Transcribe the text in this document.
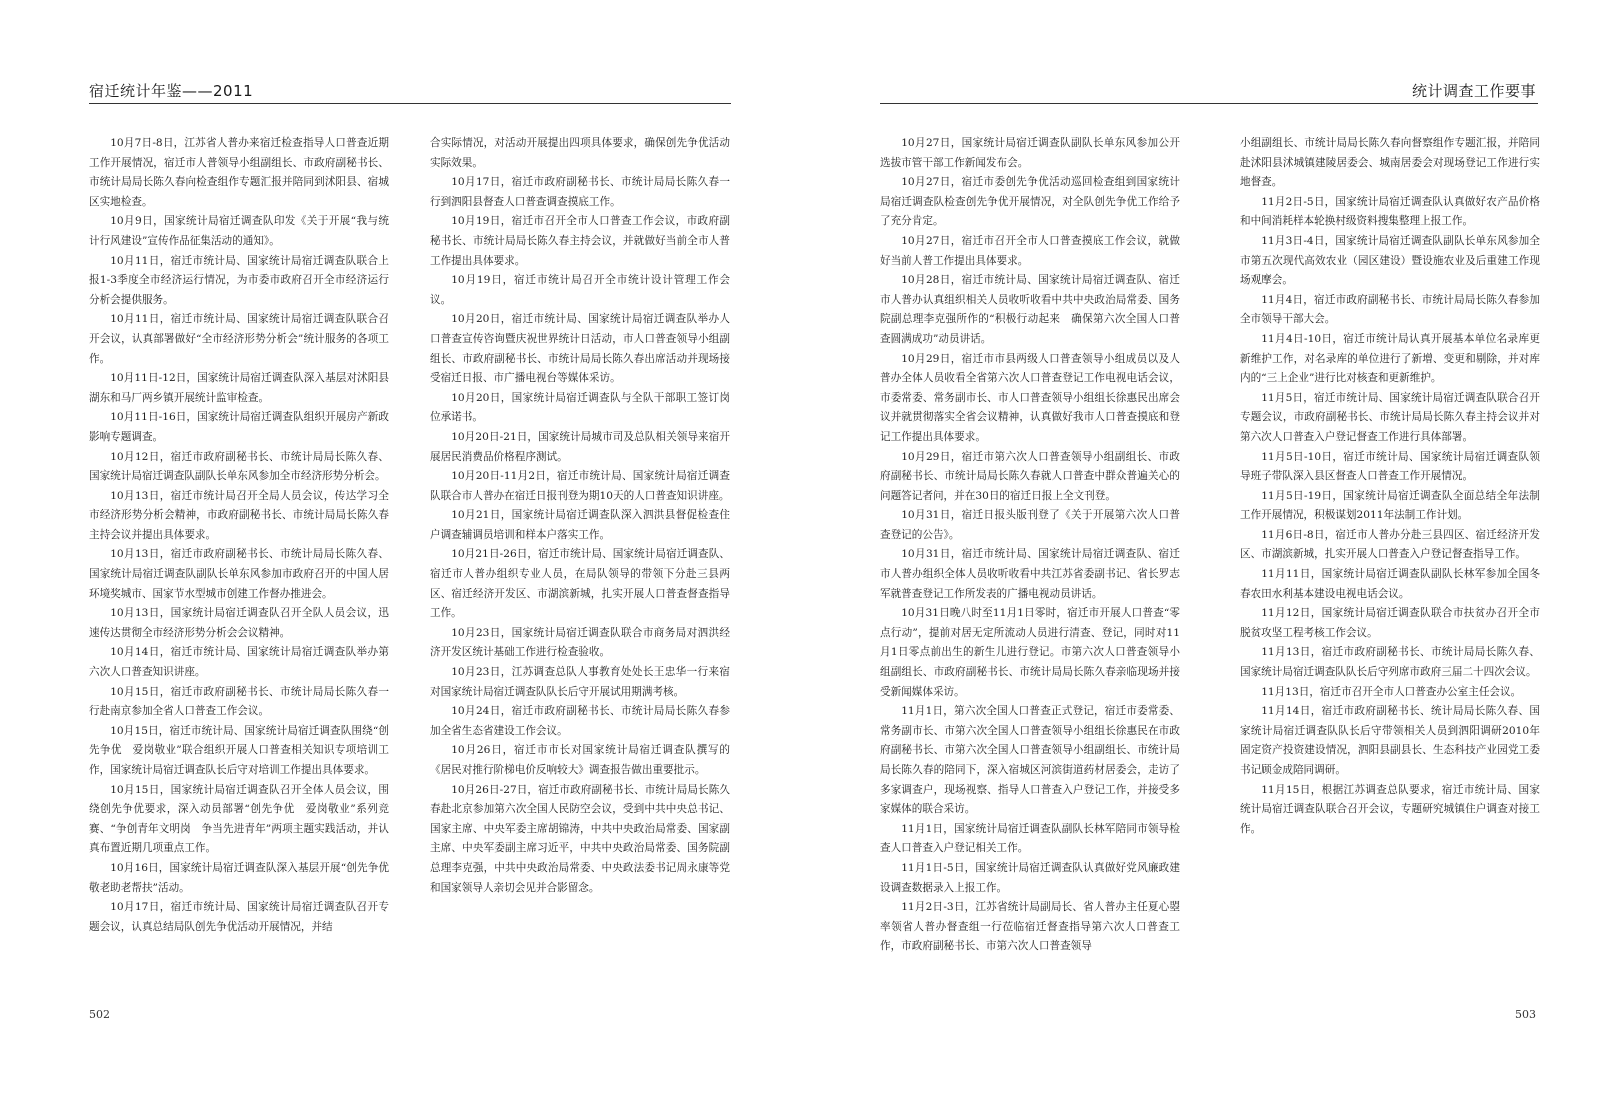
宿迁统计年鉴——2011

10月7日-8日，江苏省人普办来宿迁检查指导人口普查近期工作开展情况，宿迁市人普领导小组副组长、市政府副秘书长、市统计局局长陈久春向检查组作专题汇报并陪同到沭阳县、宿城区实地检查。

10月9日，国家统计局宿迁调查队印发《关于开展“我与统计行风建设”宣传作品征集活动的通知》。

10月11日，宿迁市统计局、国家统计局宿迁调查队联合上报1-3季度全市经济运行情况，为市委市政府召开全市经济运行分析会提供服务。

10月11日，宿迁市统计局、国家统计局宿迁调查队联合召开会议，认真部署做好“全市经济形势分析会”统计服务的各项工作。

10月11日-12日，国家统计局宿迁调查队深入基层对沭阳县湖东和马厂两乡镇开展统计监审检查。

10月11日-16日，国家统计局宿迁调查队组织开展房产新政影响专题调查。

10月12日，宿迁市政府副秘书长、市统计局局长陈久春、国家统计局宿迁调查队副队长单东风参加全市经济形势分析会。

10月13日，宿迁市统计局召开全局人员会议，传达学习全市经济形势分析会精神，市政府副秘书长、市统计局局长陈久春主持会议并提出具体要求。

10月13日，宿迁市政府副秘书长、市统计局局长陈久春、国家统计局宿迁调查队副队长单东风参加市政府召开的中国人居环境奖城市、国家节水型城市创建工作督办推进会。

10月13日，国家统计局宿迁调查队召开全队人员会议，迅速传达贯彻全市经济形势分析会会议精神。

10月14日，宿迁市统计局、国家统计局宿迁调查队举办第六次人口普查知识讲座。

10月15日，宿迁市政府副秘书长、市统计局局长陈久春一行赴南京参加全省人口普查工作会议。

10月15日，宿迁市统计局、国家统计局宿迁调查队围绕“创先争优　爱岗敬业”联合组织开展人口普查相关知识专项培训工作，国家统计局宿迁调查队长后守对培训工作提出具体要求。

10月15日，国家统计局宿迁调查队召开全体人员会议，围绕创先争优要求，深入动员部署“创先争优　爱岗敬业”系列竞赛、“争创青年文明岗　争当先进青年”两项主题实践活动，并认真布置近期几项重点工作。

10月16日，国家统计局宿迁调查队深入基层开展“创先争优敬老助老帮扶”活动。

10月17日，宿迁市统计局、国家统计局宿迁调查队召开专题会议，认真总结局队创先争优活动开展情况，并结

合实际情况，对活动开展提出四项具体要求，确保创先争优活动实际效果。

10月17日，宿迁市政府副秘书长、市统计局局长陈久春一行到泗阳县督查人口普查调查摸底工作。

10月19日，宿迁市召开全市人口普查工作会议，市政府副秘书长、市统计局局长陈久春主持会议，并就做好当前全市人普工作提出具体要求。

10月19日，宿迁市统计局召开全市统计设计管理工作会议。

10月20日，宿迁市统计局、国家统计局宿迁调查队举办人口普查宣传咨询暨庆祝世界统计日活动，市人口普查领导小组副组长、市政府副秘书长、市统计局局长陈久春出席活动并现场接受宿迁日报、市广播电视台等媒体采访。

10月20日，国家统计局宿迁调查队与全队干部职工签订岗位承诺书。

10月20日-21日，国家统计局城市司及总队相关领导来宿开展居民消费品价格程序测试。

10月20日-11月2日，宿迁市统计局、国家统计局宿迁调查队联合市人普办在宿迁日报刊登为期10天的人口普查知识讲座。

10月21日，国家统计局宿迁调查队深入泗洪县督促检查住户调查辅调员培训和样本户落实工作。

10月21日-26日，宿迁市统计局、国家统计局宿迁调查队、宿迁市人普办组织专业人员，在局队领导的带领下分赴三县两区、宿迁经济开发区、市湖滨新城，扎实开展人口普查督查指导工作。

10月23日，国家统计局宿迁调查队联合市商务局对泗洪经济开发区统计基础工作进行检查验收。

10月23日，江苏调查总队人事教育处处长王忠华一行来宿对国家统计局宿迁调查队队长后守开展试用期满考核。

10月24日，宿迁市政府副秘书长、市统计局局长陈久春参加全省生态省建设工作会议。

10月26日，宿迁市市长对国家统计局宿迁调查队撰写的《居民对推行阶梯电价反响较大》调查报告做出重要批示。

10月26日-27日，宿迁市政府副秘书长、市统计局局长陈久春赴北京参加第六次全国人民防空会议，受到中共中央总书记、国家主席、中央军委主席胡锦涛，中共中央政治局常委、国家副主席、中央军委副主席习近平，中共中央政治局常委、国务院副总理李克强，中共中央政治局常委、中央政法委书记周永康等党和国家领导人亲切会见并合影留念。

502
统计调查工作要事

10月27日，国家统计局宿迁调查队副队长单东风参加公开选拔市管干部工作新闻发布会。

10月27日，宿迁市委创先争优活动巡回检查组到国家统计局宿迁调查队检查创先争优开展情况，对全队创先争优工作给予了充分肯定。

10月27日，宿迁市召开全市人口普查摸底工作会议，就做好当前人普工作提出具体要求。

10月28日，宿迁市统计局、国家统计局宿迁调查队、宿迁市人普办认真组织相关人员收听收看中共中央政治局常委、国务院副总理李克强所作的“积极行动起来　确保第六次全国人口普查圆满成功”动员讲话。

10月29日，宿迁市市县两级人口普查领导小组成员以及人普办全体人员收看全省第六次人口普查登记工作电视电话会议，市委常委、常务副市长、市人口普查领导小组组长徐惠民出席会议并就贯彻落实全省会议精神，认真做好我市人口普查摸底和登记工作提出具体要求。

10月29日，宿迁市第六次人口普查领导小组副组长、市政府副秘书长、市统计局局长陈久春就人口普查中群众普遍关心的问题答记者问，并在30日的宿迁日报上全文刊登。

10月31日，宿迁日报头版刊登了《关于开展第六次人口普查登记的公告》。

10月31日，宿迁市统计局、国家统计局宿迁调查队、宿迁市人普办组织全体人员收听收看中共江苏省委副书记、省长罗志军就普查登记工作所发表的广播电视动员讲话。

10月31日晚八时至11月1日零时，宿迁市开展人口普查“零点行动”，提前对居无定所流动人员进行清查、登记，同时对11月1日零点前出生的新生儿进行登记。市第六次人口普查领导小组副组长、市政府副秘书长、市统计局局长陈久春亲临现场并接受新闻媒体采访。

11月1日，第六次全国人口普查正式登记，宿迁市委常委、常务副市长、市第六次全国人口普查领导小组组长徐惠民在市政府副秘书长、市第六次全国人口普查领导小组副组长、市统计局局长陈久春的陪同下，深入宿城区河滨街道药材居委会，走访了多家调查户，现场视察、指导人口普查入户登记工作，并接受多家媒体的联合采访。

11月1日，国家统计局宿迁调查队副队长林军陪同市领导检查人口普查入户登记相关工作。

11月1日-5日，国家统计局宿迁调查队认真做好党风廉政建设调查数据录入上报工作。

11月2日-3日，江苏省统计局副局长、省人普办主任夏心曌率领省人普办督查组一行莅临宿迁督查指导第六次人口普查工作，市政府副秘书长、市第六次人口普查领导

小组副组长、市统计局局长陈久春向督察组作专题汇报，并陪同赴沭阳县沭城镇建陵居委会、城南居委会对现场登记工作进行实地督查。

11月2日-5日，国家统计局宿迁调查队认真做好农产品价格和中间消耗样本轮换村级资料搜集整理上报工作。

11月3日-4日，国家统计局宿迁调查队副队长单东风参加全市第五次现代高效农业（园区建设）暨设施农业及后重建工作现场观摩会。

11月4日，宿迁市政府副秘书长、市统计局局长陈久春参加全市领导干部大会。

11月4日-10日，宿迁市统计局认真开展基本单位名录库更新维护工作，对名录库的单位进行了新增、变更和剔除，并对库内的“三上企业”进行比对核查和更新维护。

11月5日，宿迁市统计局、国家统计局宿迁调查队联合召开专题会议，市政府副秘书长、市统计局局长陈久春主持会议并对第六次人口普查入户登记督查工作进行具体部署。

11月5日-10日，宿迁市统计局、国家统计局宿迁调查队领导班子带队深入县区督查人口普查工作开展情况。

11月5日-19日，国家统计局宿迁调查队全面总结全年法制工作开展情况，积极谋划2011年法制工作计划。

11月6日-8日，宿迁市人普办分赴三县四区、宿迁经济开发区、市湖滨新城，扎实开展人口普查入户登记督查指导工作。

11月11日，国家统计局宿迁调查队副队长林军参加全国冬春农田水利基本建设电视电话会议。

11月12日，国家统计局宿迁调查队联合市扶贫办召开全市脱贫攻坚工程考核工作会议。

11月13日，宿迁市政府副秘书长、市统计局局长陈久春、国家统计局宿迁调查队队长后守列席市政府三届二十四次会议。

11月13日，宿迁市召开全市人口普查办公室主任会议。

11月14日，宿迁市政府副秘书长、统计局局长陈久春、国家统计局宿迁调查队队长后守带领相关人员到泗阳调研2010年固定资产投资建设情况，泗阳县副县长、生态科技产业园党工委书记顾金成陪同调研。

11月15日，根据江苏调查总队要求，宿迁市统计局、国家统计局宿迁调查队联合召开会议，专题研究城镇住户调查对接工作。

503
